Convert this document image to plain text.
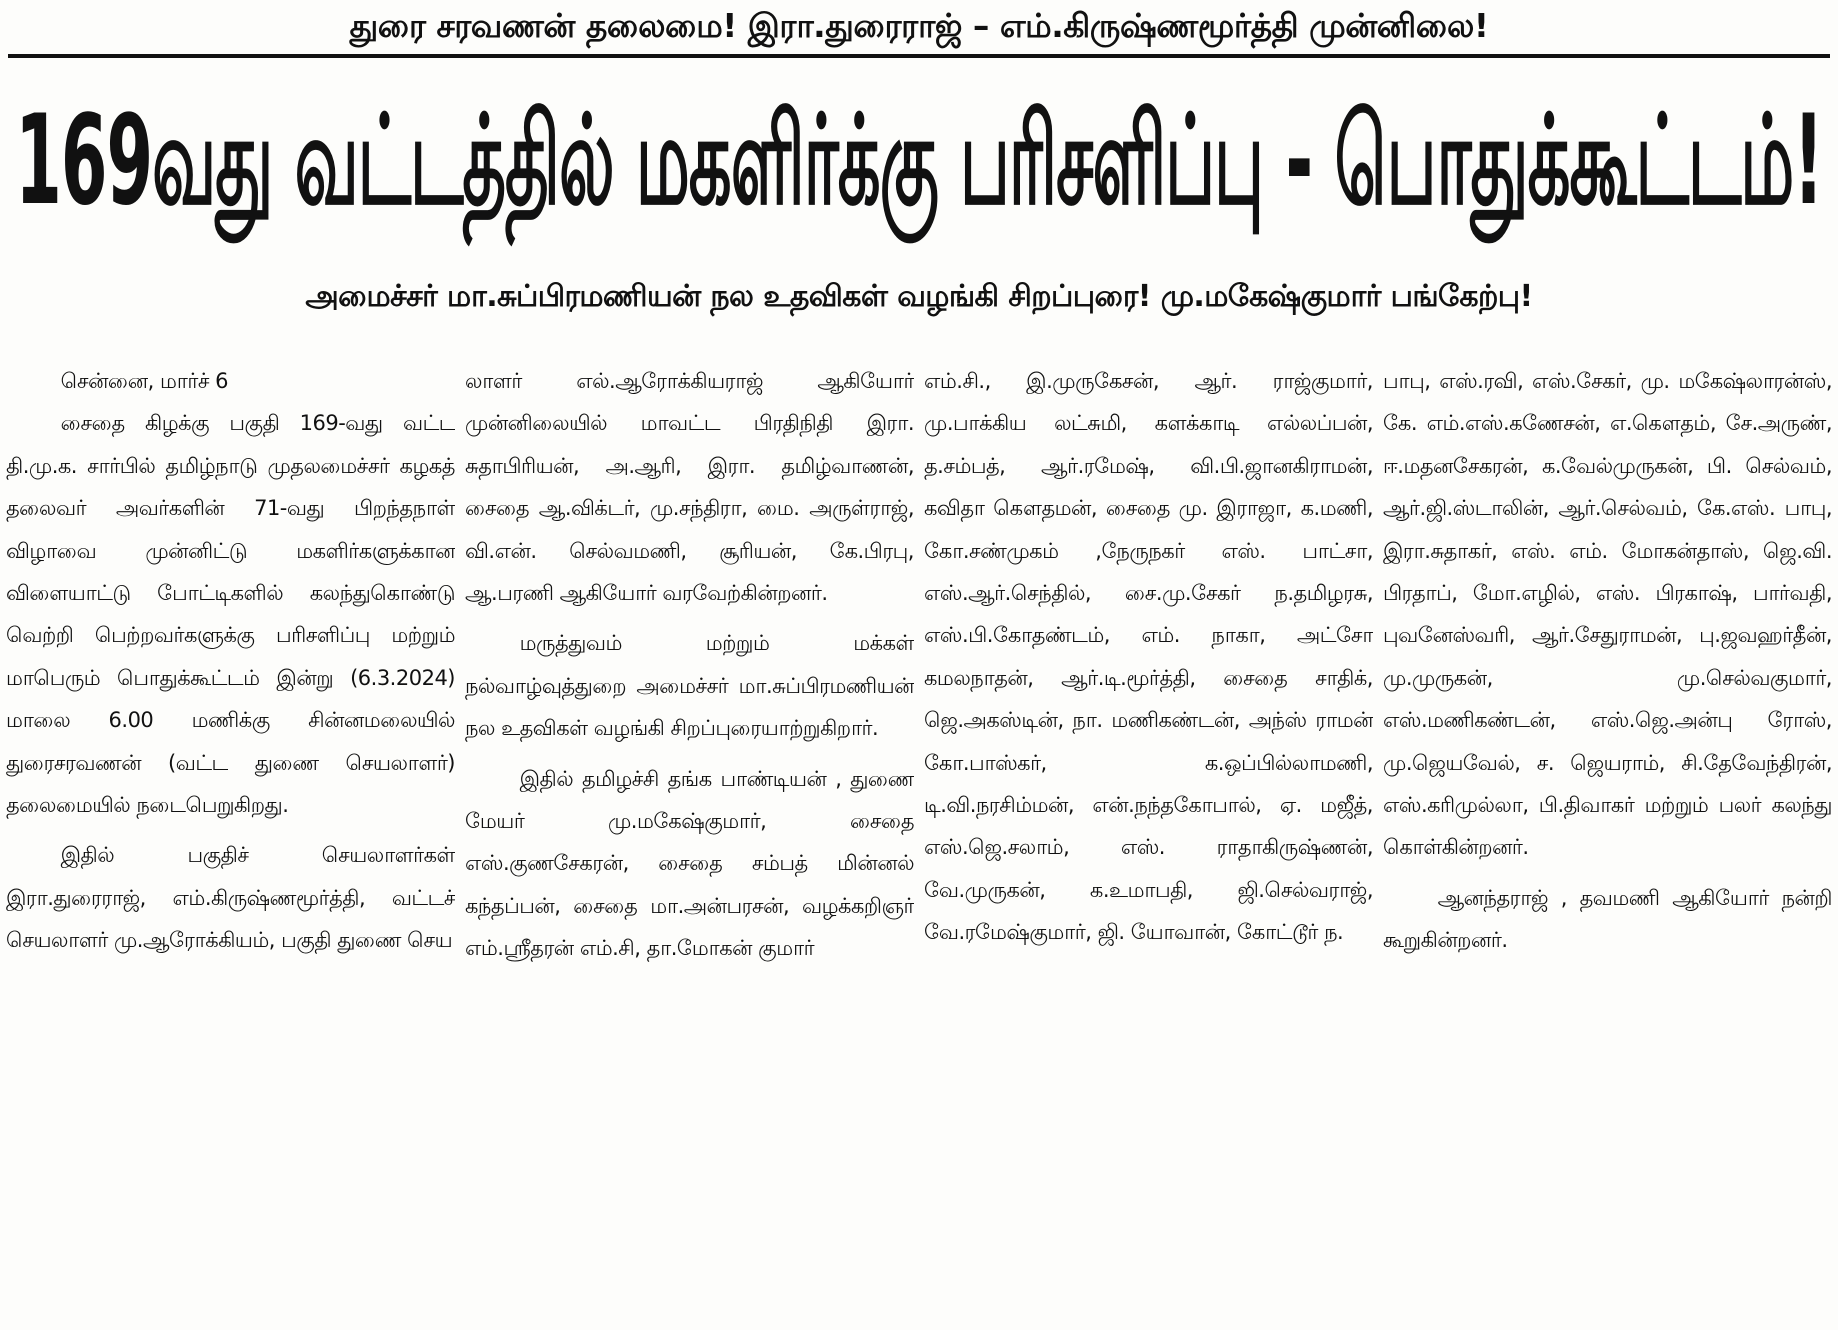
துரை சரவணன் தலைமை! இரா.துரைராஜ் – எம்.கிருஷ்ணமூர்த்தி முன்னிலை!
169வது வட்டத்தில் மகளிர்க்கு பரிசளிப்பு - பொதுக்கூட்டம்!
அமைச்சர் மா.சுப்பிரமணியன் நல உதவிகள் வழங்கி சிறப்புரை! மு.மகேஷ்குமார் பங்கேற்பு!

சென்னை, மார்ச் 6

சைதை கிழக்கு பகுதி 169-வது வட்ட தி.மு.க. சார்பில் தமிழ்நாடு முதலமைச்சர் கழகத் தலைவர் அவர்களின் 71-வது பிறந்தநாள் விழாவை முன்னிட்டு மகளிர்களுக்கான விளையாட்டு போட்டிகளில் கலந்துகொண்டு வெற்றி பெற்றவர்களுக்கு பரிசளிப்பு மற்றும் மாபெரும் பொதுக்கூட்டம் இன்று (6.3.2024) மாலை 6.00 மணிக்கு சின்னமலையில் துரைசரவணன் (வட்ட துணை செயலாளர்) தலைமையில் நடைபெறுகிறது.

இதில் பகுதிச் செயலாளர்கள் இரா.துரைராஜ், எம்.கிருஷ்ணமூர்த்தி, வட்டச் செயலாளர் மு.ஆரோக்கியம், பகுதி துணை செய

லாளர் எல்.ஆரோக்கியராஜ் ஆகியோர் முன்னிலையில் மாவட்ட பிரதிநிதி இரா. சுதாபிரியன், அ.ஆரி, இரா. தமிழ்வாணன், சைதை ஆ.விக்டர், மு.சந்திரா, மை. அருள்ராஜ், வி.என். செல்வமணி, சூரியன், கே.பிரபு, ஆ.பரணி ஆகியோர் வரவேற்கின்றனர்.

மருத்துவம் மற்றும் மக்கள் நல்வாழ்வுத்துறை அமைச்சர் மா.சுப்பிரமணியன் நல உதவிகள் வழங்கி சிறப்புரையாற்றுகிறார்.

இதில் தமிழச்சி தங்க பாண்டியன் , துணை மேயர் மு.மகேஷ்குமார், சைதை எஸ்.குணசேகரன், சைதை சம்பத் மின்னல் கந்தப்பன், சைதை மா.அன்பரசன், வழக்கறிஞர் எம்.ஸ்ரீதரன் எம்.சி, தா.மோகன் குமார்

எம்.சி., இ.முருகேசன், ஆர். ராஜ்குமார், மு.பாக்கிய லட்சுமி, களக்காடி எல்லப்பன், த.சம்பத், ஆர்.ரமேஷ், வி.பி.ஜானகிராமன், கவிதா கௌதமன், சைதை மு. இராஜா, க.மணி, கோ.சண்முகம் ,நேருநகர் எஸ். பாட்சா, எஸ்.ஆர்.செந்தில், சை.மு.சேகர் ந.தமிழரசு, எஸ்.பி.கோதண்டம், எம். நாகா, அட்சோ கமலநாதன், ஆர்.டி.மூர்த்தி, சைதை சாதிக், ஜெ.அகஸ்டின், நா. மணிகண்டன், அந்ஸ் ராமன் கோ.பாஸ்கர், க.ஒப்பில்லாமணி, டி.வி.நரசிம்மன், என்.நந்தகோபால், ஏ. மஜீத், எஸ்.ஜெ.சலாம், எஸ். ராதாகிருஷ்ணன், வே.முருகன், க.உமாபதி, ஜி.செல்வராஜ், வே.ரமேஷ்குமார், ஜி. யோவான், கோட்டூர் ந.

பாபு, எஸ்.ரவி, எஸ்.சேகர், மு. மகேஷ்லாரன்ஸ், கே. எம்.எஸ்.கணேசன், எ.கௌதம், சே.அருண், ஈ.மதனசேகரன், க.வேல்முருகன், பி. செல்வம், ஆர்.ஜி.ஸ்டாலின், ஆர்.செல்வம், கே.எஸ். பாபு, இரா.சுதாகர், எஸ். எம். மோகன்தாஸ், ஜெ.வி. பிரதாப், மோ.எழில், எஸ். பிரகாஷ், பார்வதி, புவனேஸ்வரி, ஆர்.சேதுராமன், பு.ஜவஹர்தீன், மு.முருகன், மு.செல்வகுமார், எஸ்.மணிகண்டன், எஸ்.ஜெ.அன்பு ரோஸ், மு.ஜெயவேல், ச. ஜெயராம், சி.தேவேந்திரன், எஸ்.கரிமுல்லா, பி.திவாகர் மற்றும் பலர் கலந்து கொள்கின்றனர்.

ஆனந்தராஜ் , தவமணி ஆகியோர் நன்றி கூறுகின்றனர்.
